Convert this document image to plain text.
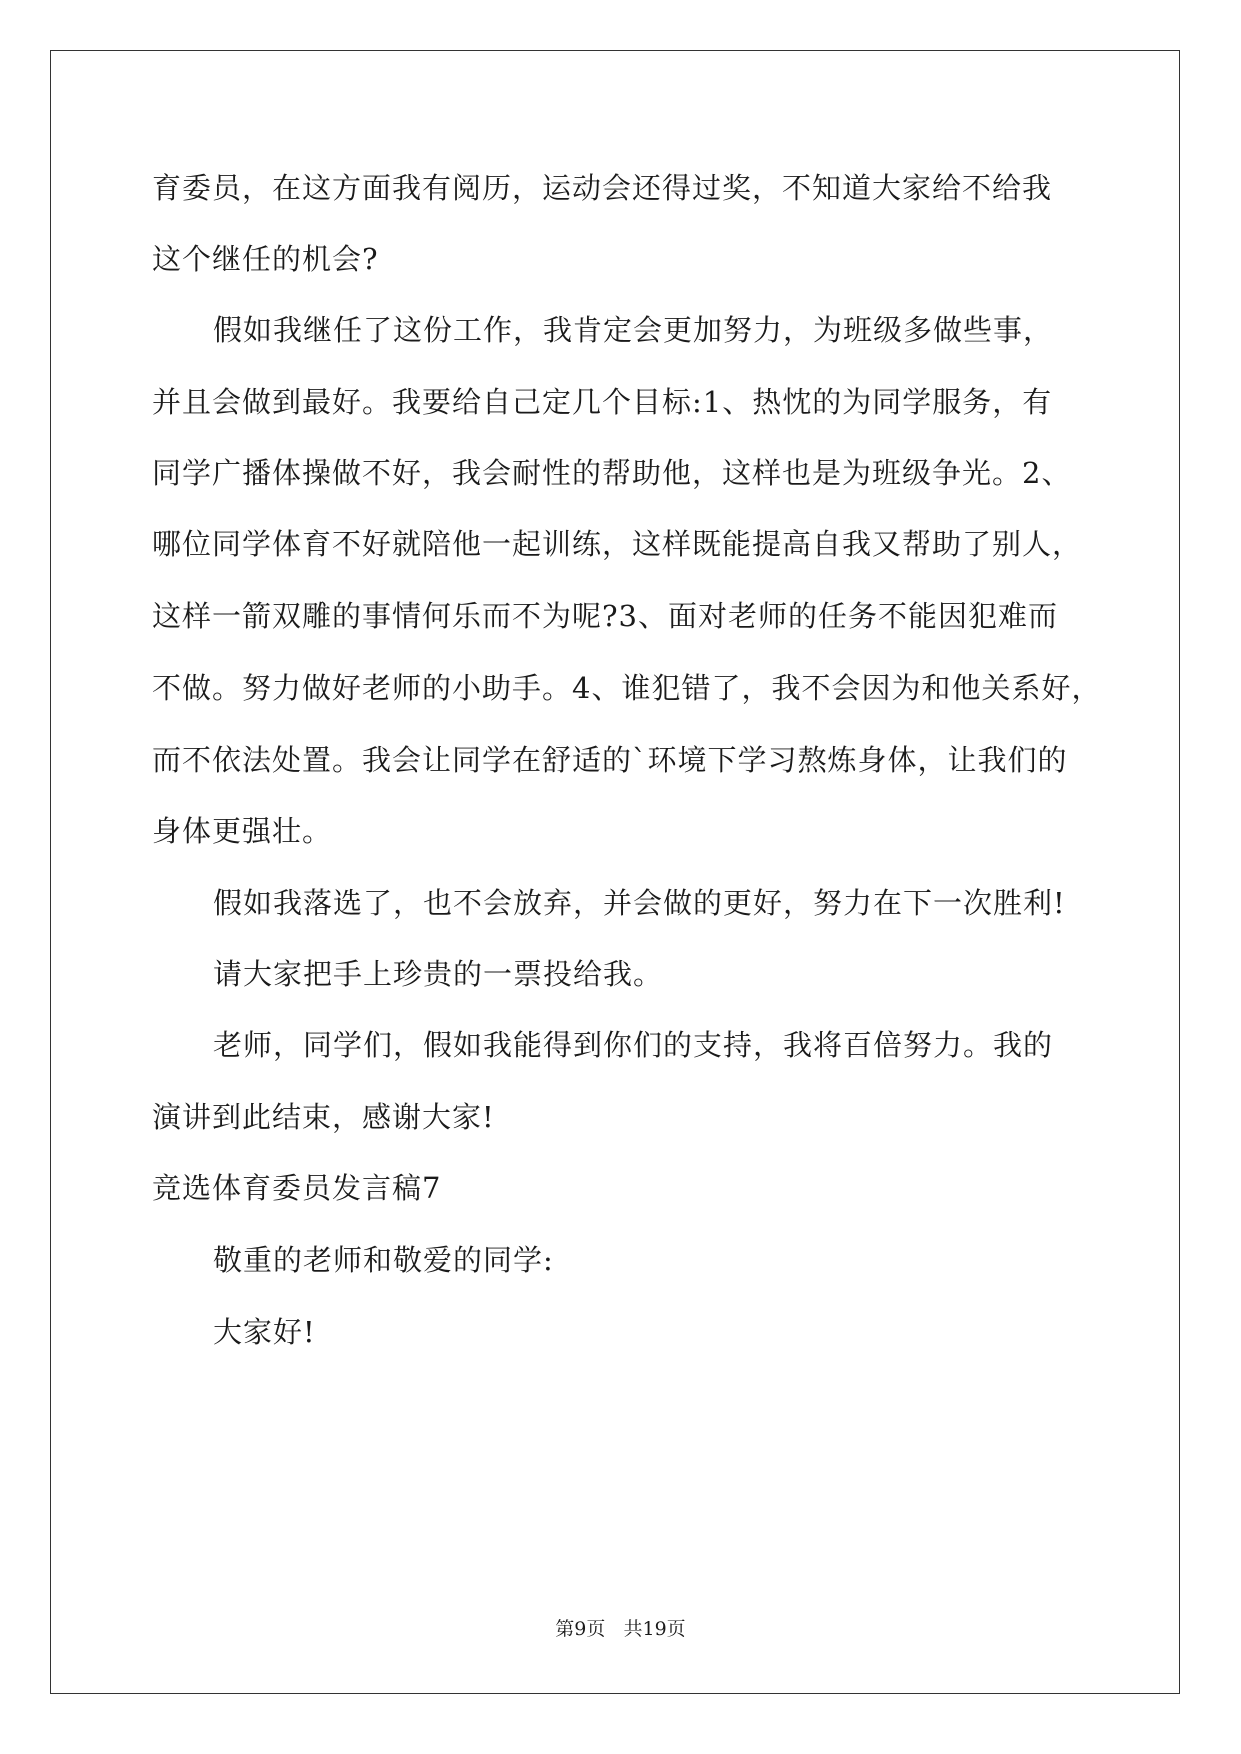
育委员，在这方面我有阅历，运动会还得过奖，不知道大家给不给我
这个继任的机会?
假如我继任了这份工作，我肯定会更加努力，为班级多做些事，
并且会做到最好。我要给自己定几个目标:1、热忱的为同学服务，有
同学广播体操做不好，我会耐性的帮助他，这样也是为班级争光。2、
哪位同学体育不好就陪他一起训练，这样既能提高自我又帮助了别人，
这样一箭双雕的事情何乐而不为呢?3、面对老师的任务不能因犯难而
不做。努力做好老师的小助手。4、谁犯错了，我不会因为和他关系好，
而不依法处置。我会让同学在舒适的`环境下学习熬炼身体，让我们的
身体更强壮。
假如我落选了，也不会放弃，并会做的更好，努力在下一次胜利!
请大家把手上珍贵的一票投给我。
老师，同学们，假如我能得到你们的支持，我将百倍努力。我的
演讲到此结束，感谢大家!
竞选体育委员发言稿7
敬重的老师和敬爱的同学:
大家好!
第9页   共19页
